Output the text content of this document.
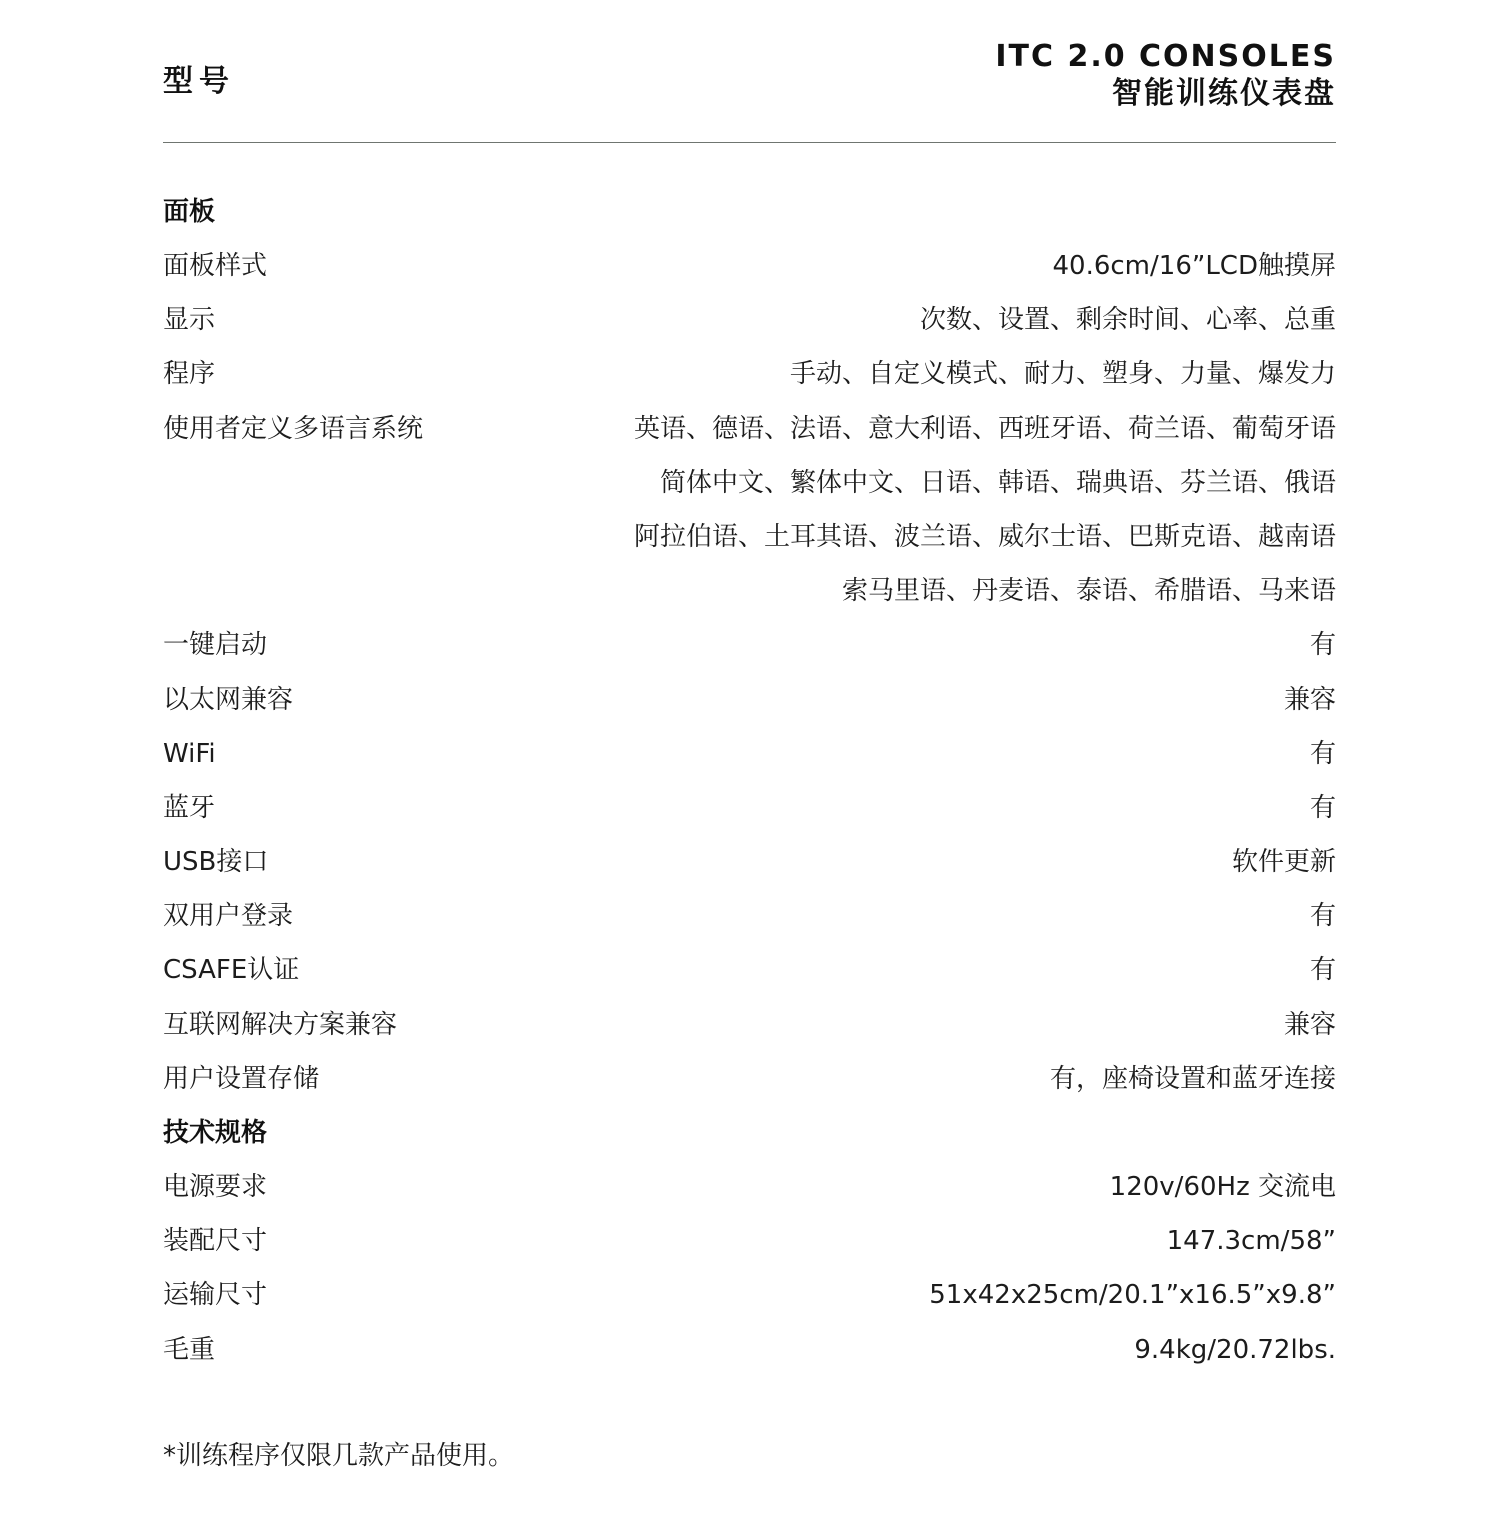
型号
ITC 2.0 CONSOLES
智能训练仪表盘
面板
面板样式	40.6cm/16”LCD触摸屏
显示	次数、设置、剩余时间、心率、总重
程序	手动、自定义模式、耐力、塑身、力量、爆发力
使用者定义多语言系统	英语、德语、法语、意大利语、西班牙语、荷兰语、葡萄牙语
简体中文、繁体中文、日语、韩语、瑞典语、芬兰语、俄语
阿拉伯语、土耳其语、波兰语、威尔士语、巴斯克语、越南语
索马里语、丹麦语、泰语、希腊语、马来语
一键启动	有
以太网兼容	兼容
WiFi	有
蓝牙	有
USB接口	软件更新
双用户登录	有
CSAFE认证	有
互联网解决方案兼容	兼容
用户设置存储	有，座椅设置和蓝牙连接
技术规格
电源要求	120v/60Hz 交流电
装配尺寸	147.3cm/58”
运输尺寸	51x42x25cm/20.1”x16.5”x9.8”
毛重	9.4kg/20.72lbs.
*训练程序仅限几款产品使用。
